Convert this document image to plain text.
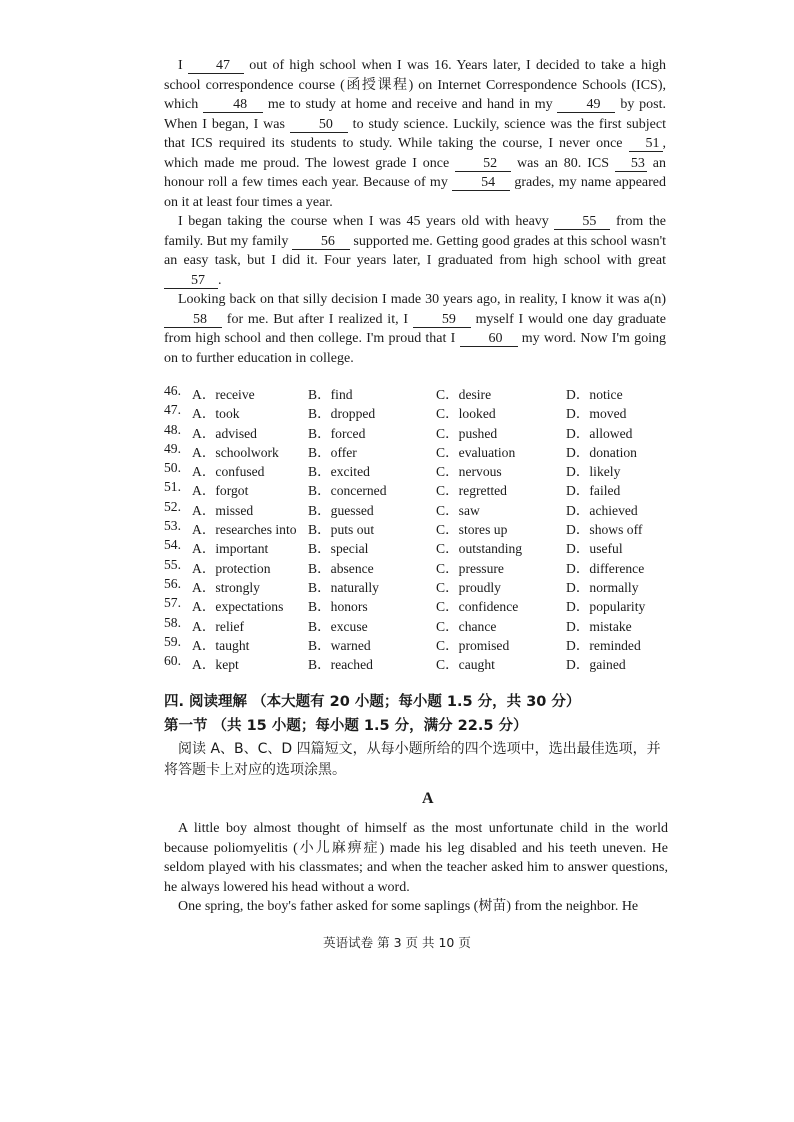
I 47 out of high school when I was 16. Years later, I decided to take a high school correspondence course (函授课程) on Internet Correspondence Schools (ICS), which 48 me to study at home and receive and hand in my 49 by post. When I began, I was 50 to study science. Luckily, science was the first subject that ICS required its students to study. While taking the course, I never once 51 , which made me proud. The lowest grade I once 52 was an 80. ICS 53 an honour roll a few times each year. Because of my 54 grades, my name appeared on it at least four times a year.

I began taking the course when I was 45 years old with heavy 55 from the family. But my family 56 supported me. Getting good grades at this school wasn't an easy task, but I did it. Four years later, I graduated from high school with great 57 .

Looking back on that silly decision I made 30 years ago, in reality, I know it was a(n) 58 for me. But after I realized it, I 59 myself I would one day graduate from high school and then college. I'm proud that I 60 my word. Now I'm going on to further education in college.

46. A．receive	B．find	C．desire	D．notice
47. A．took	B．dropped	C．looked	D．moved
48. A．advised	B．forced	C．pushed	D．allowed
49. A．schoolwork B．offer	C．evaluation	D．donation
50. A．confused	B．excited	C．nervous	D．likely
51. A．forgot	B．concerned	C．regretted	D．failed
52. A．missed	B．guessed	C．saw	D．achieved
53. A．researches into B．puts out	C．stores up	D．shows off
54. A．important	B．special	C．outstanding	D．useful
55. A．protection	B．absence	C．pressure	D．difference
56. A．strongly	B．naturally	C．proudly	D．normally
57. A．expectations B．honors	C．confidence	D．popularity
58. A．relief	B．excuse	C．chance	D．mistake
59. A．taught	B．warned	C．promised	D．reminded
60. A．kept	B．reached	C．caught	D．gained
四. 阅读理解 （本大题有 20 小题；每小题 1.5 分，共 30 分）
第一节 （共 15 小题；每小题 1.5 分，满分 22.5 分）

阅读 A、B、C、D 四篇短文，从每小题所给的四个选项中，选出最佳选项，并将答题卡上对应的选项涂黑。

A

A little boy almost thought of himself as the most unfortunate child in the world because poliomyelitis (小儿麻痹症) made his leg disabled and his teeth uneven. He seldom played with his classmates; and when the teacher asked him to answer questions, he always lowered his head without a word.

One spring, the boy's father asked for some saplings (树苗) from the neighbor. He

英语试卷 第 3 页 共 10 页
